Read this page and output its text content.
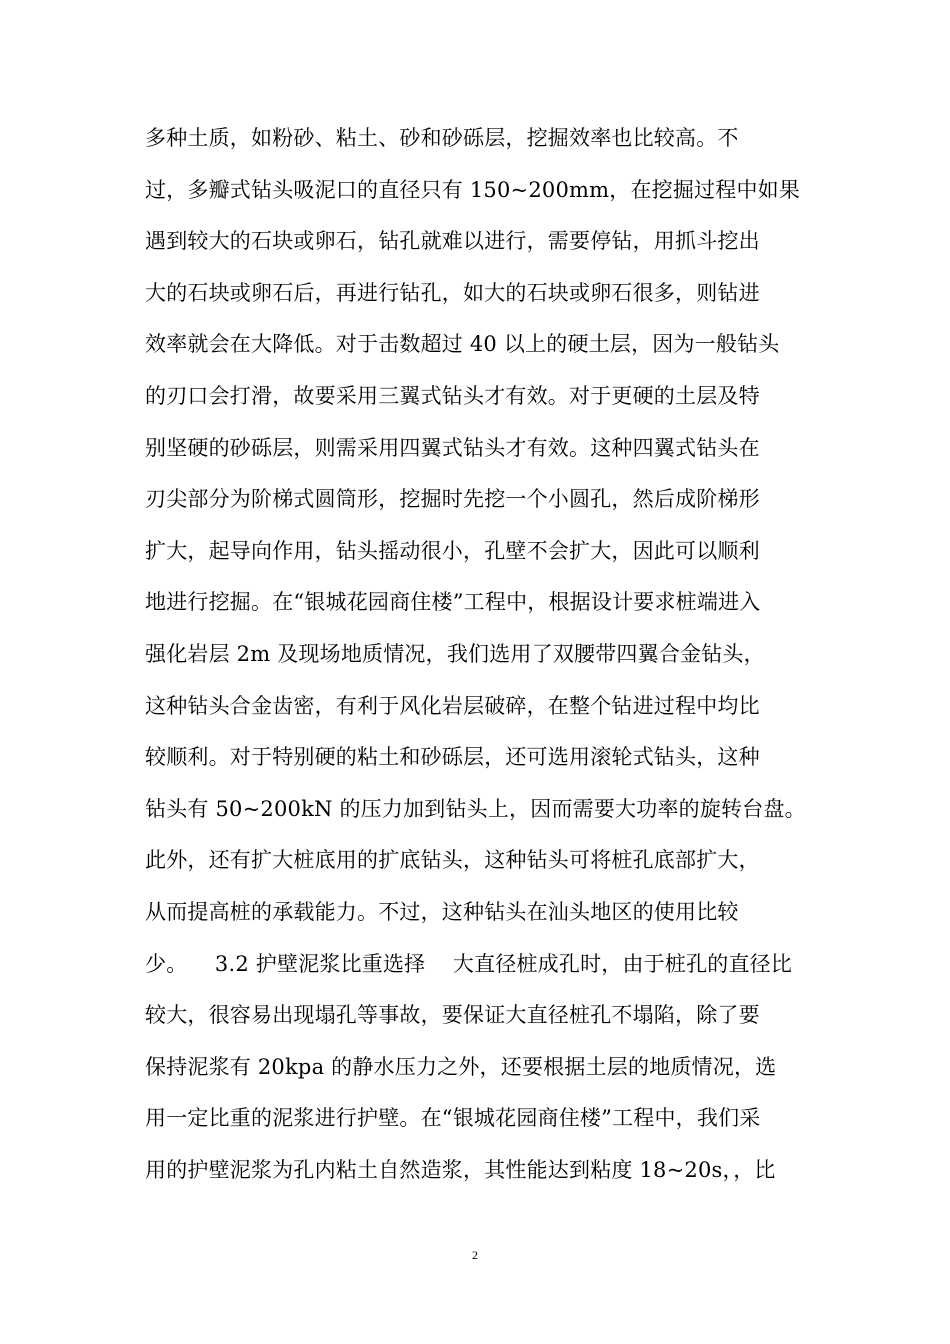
多种土质，如粉砂、粘土、砂和砂砾层，挖掘效率也比较高。不
过，多瓣式钻头吸泥口的直径只有 150~200mm，在挖掘过程中如果
遇到较大的石块或卵石，钻孔就难以进行，需要停钻，用抓斗挖出
大的石块或卵石后，再进行钻孔，如大的石块或卵石很多，则钻进
效率就会在大降低。对于击数超过 40 以上的硬土层，因为一般钻头
的刃口会打滑，故要采用三翼式钻头才有效。对于更硬的土层及特
别坚硬的砂砾层，则需采用四翼式钻头才有效。这种四翼式钻头在
刃尖部分为阶梯式圆筒形，挖掘时先挖一个小圆孔，然后成阶梯形
扩大，起导向作用，钻头摇动很小，孔壁不会扩大，因此可以顺利
地进行挖掘。在“银城花园商住楼”工程中，根据设计要求桩端进入
强化岩层 2m 及现场地质情况，我们选用了双腰带四翼合金钻头，
这种钻头合金齿密，有利于风化岩层破碎，在整个钻进过程中均比
较顺利。对于特别硬的粘土和砂砾层，还可选用滚轮式钻头，这种
钻头有 50~200kN 的压力加到钻头上，因而需要大功率的旋转台盘。
此外，还有扩大桩底用的扩底钻头，这种钻头可将桩孔底部扩大，
从而提高桩的承载能力。不过，这种钻头在汕头地区的使用比较
少。    3.2 护壁泥浆比重选择    大直径桩成孔时，由于桩孔的直径比
较大，很容易出现塌孔等事故，要保证大直径桩孔不塌陷，除了要
保持泥浆有 20kpa 的静水压力之外，还要根据土层的地质情况，选
用一定比重的泥浆进行护壁。在“银城花园商住楼”工程中，我们采
用的护壁泥浆为孔内粘土自然造浆，其性能达到粘度 18~20s，，比
2
